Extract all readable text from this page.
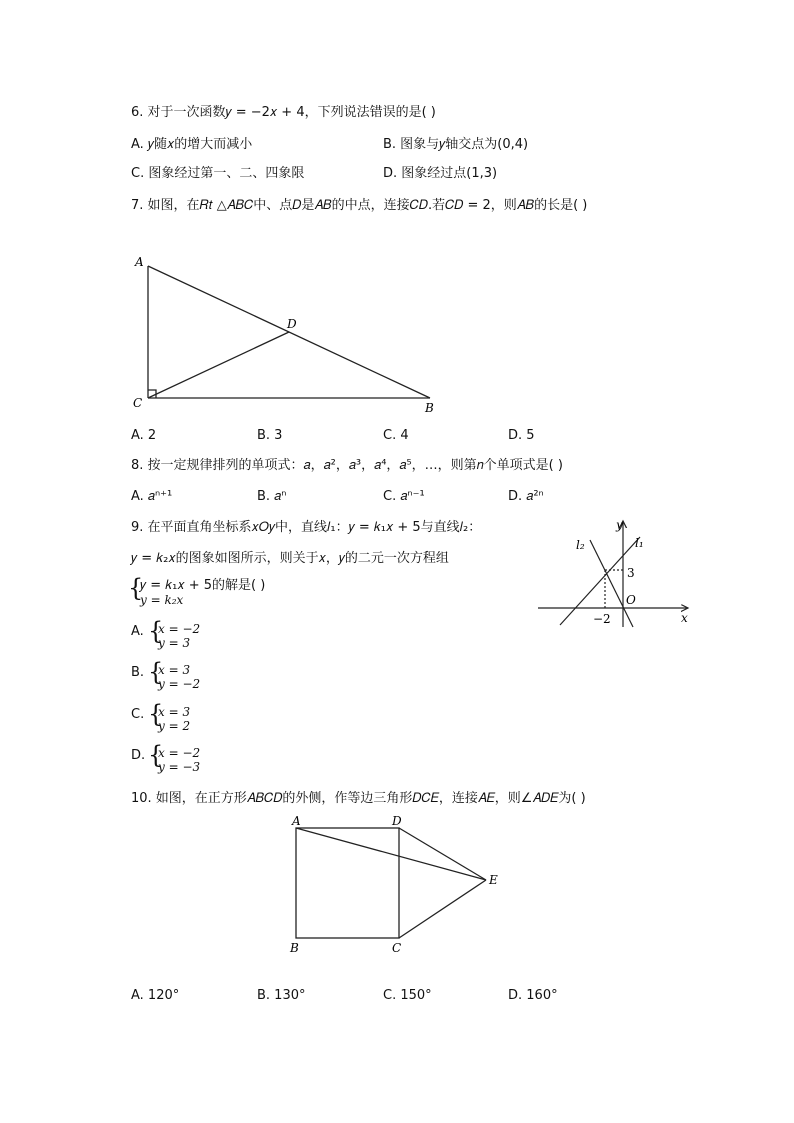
6. 对于一次函数𝑦 = −2𝑥 + 4，下列说法错误的是( )
A. 𝑦随𝑥的增大而减小	B. 图象与𝑦轴交点为(0,4)
C. 图象经过第一、二、四象限	D. 图象经过点(1,3)
7. 如图，在𝑅𝑡 △𝐴𝐵𝐶中、点𝐷是𝐴𝐵的中点，连接𝐶𝐷.若𝐶𝐷 = 2，则𝐴𝐵的长是( )
A
C	B
D
A. 2	B. 3	C. 4	D. 5
8. 按一定规律排列的单项式：𝑎，𝑎²，𝑎³，𝑎⁴，𝑎⁵，…，则第𝑛个单项式是( )
A. 𝑎ⁿ⁺¹	B. 𝑎ⁿ	C. 𝑎ⁿ⁻¹	D. 𝑎²ⁿ
9. 在平面直角坐标系𝑥𝑂𝑦中，直线𝑙₁：𝑦 = 𝑘₁𝑥 + 5与直线𝑙₂：
𝑦 = 𝑘₂𝑥的图象如图所示，则关于𝑥，𝑦的二元一次方程组
{
𝑦 = 𝑘₁𝑥 + 5的解是( )
𝑦 = 𝑘₂𝑥
y
x
l₁
l₂
O
3
−2
A. {
𝑥 = −2
𝑦 = 3
B. {
𝑥 = 3
𝑦 = −2
C. {
𝑥 = 3
𝑦 = 2
D. {
𝑥 = −2
𝑦 = −3
10. 如图，在正方形𝐴𝐵𝐶𝐷的外侧，作等边三角形𝐷𝐶𝐸，连接𝐴𝐸，则∠𝐴𝐷𝐸为( )
A	D
B	C
E
A. 120°	B. 130°	C. 150°	D. 160°
